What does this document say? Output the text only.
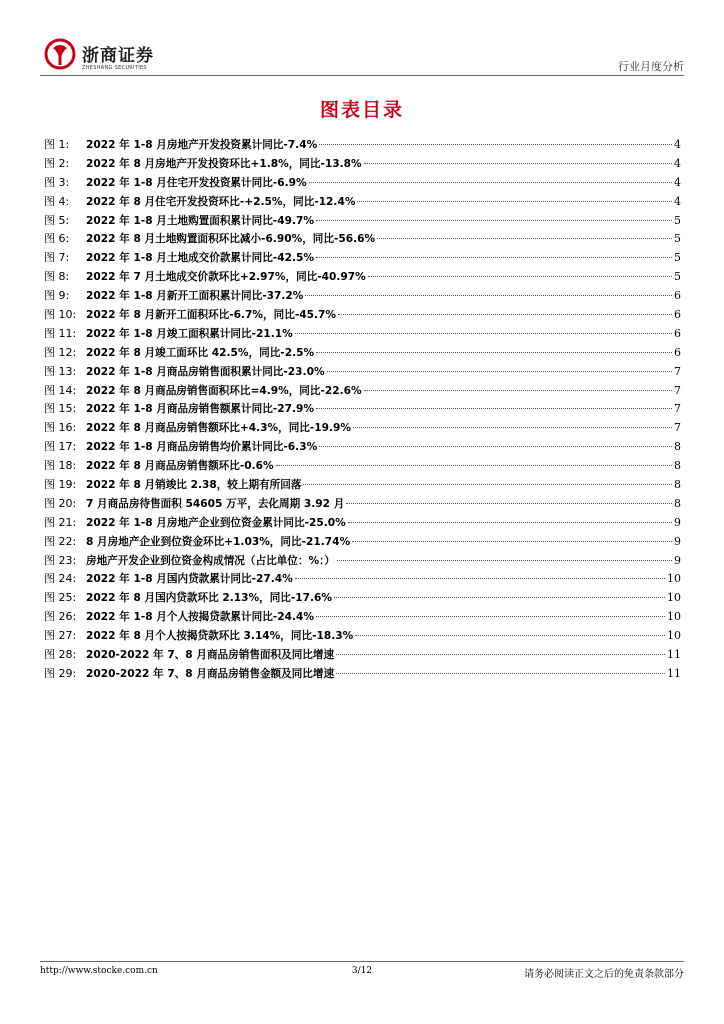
浙商证券
ZHESHANG SECURITIES	行业月度分析
图表目录
图 1:	2022 年 1-8 月房地产开发投资累计同比-7.4%	4
图 2:	2022 年 8 月房地产开发投资环比+1.8%，同比-13.8%	4
图 3:	2022 年 1-8 月住宅开发投资累计同比-6.9%	4
图 4:	2022 年 8 月住宅开发投资环比-+2.5%，同比-12.4%	4
图 5:	2022 年 1-8 月土地购置面积累计同比-49.7%	5
图 6:	2022 年 8 月土地购置面积环比减小-6.90%，同比-56.6%	5
图 7:	2022 年 1-8 月土地成交价款累计同比-42.5%	5
图 8:	2022 年 7 月土地成交价款环比+2.97%，同比-40.97%	5
图 9:	2022 年 1-8 月新开工面积累计同比-37.2%	6
图 10: 2022 年 8 月新开工面积环比-6.7%，同比-45.7%	6
图 11: 2022 年 1-8 月竣工面积累计同比-21.1%	6
图 12: 2022 年 8 月竣工面环比 42.5%，同比-2.5%	6
图 13: 2022 年 1-8 月商品房销售面积累计同比-23.0%	7
图 14: 2022 年 8 月商品房销售面积环比=4.9%，同比-22.6%	7
图 15: 2022 年 1-8 月商品房销售额累计同比-27.9%	7
图 16: 2022 年 8 月商品房销售额环比+4.3%，同比-19.9%	7
图 17: 2022 年 1-8 月商品房销售均价累计同比-6.3%	8
图 18: 2022 年 8 月商品房销售额环比-0.6%	8
图 19: 2022 年 8 月销竣比 2.38，较上期有所回落	8
图 20: 7 月商品房待售面积 54605 万平，去化周期 3.92 月	8
图 21: 2022 年 1-8 月房地产企业到位资金累计同比-25.0%	9
图 22: 8 月房地产企业到位资金环比+1.03%，同比-21.74%	9
图 23: 房地产开发企业到位资金构成情况（占比单位：%：）	9
图 24: 2022 年 1-8 月国内贷款累计同比-27.4%	10
图 25: 2022 年 8 月国内贷款环比 2.13%，同比-17.6%	10
图 26: 2022 年 1-8 月个人按揭贷款累计同比-24.4%	10
图 27: 2022 年 8 月个人按揭贷款环比 3.14%，同比-18.3%	10
图 28: 2020-2022 年 7、8 月商品房销售面积及同比增速	11
图 29: 2020-2022 年 7、8 月商品房销售金额及同比增速	11
http://www.stocke.com.cn	3/12	请务必阅读正文之后的免责条款部分
